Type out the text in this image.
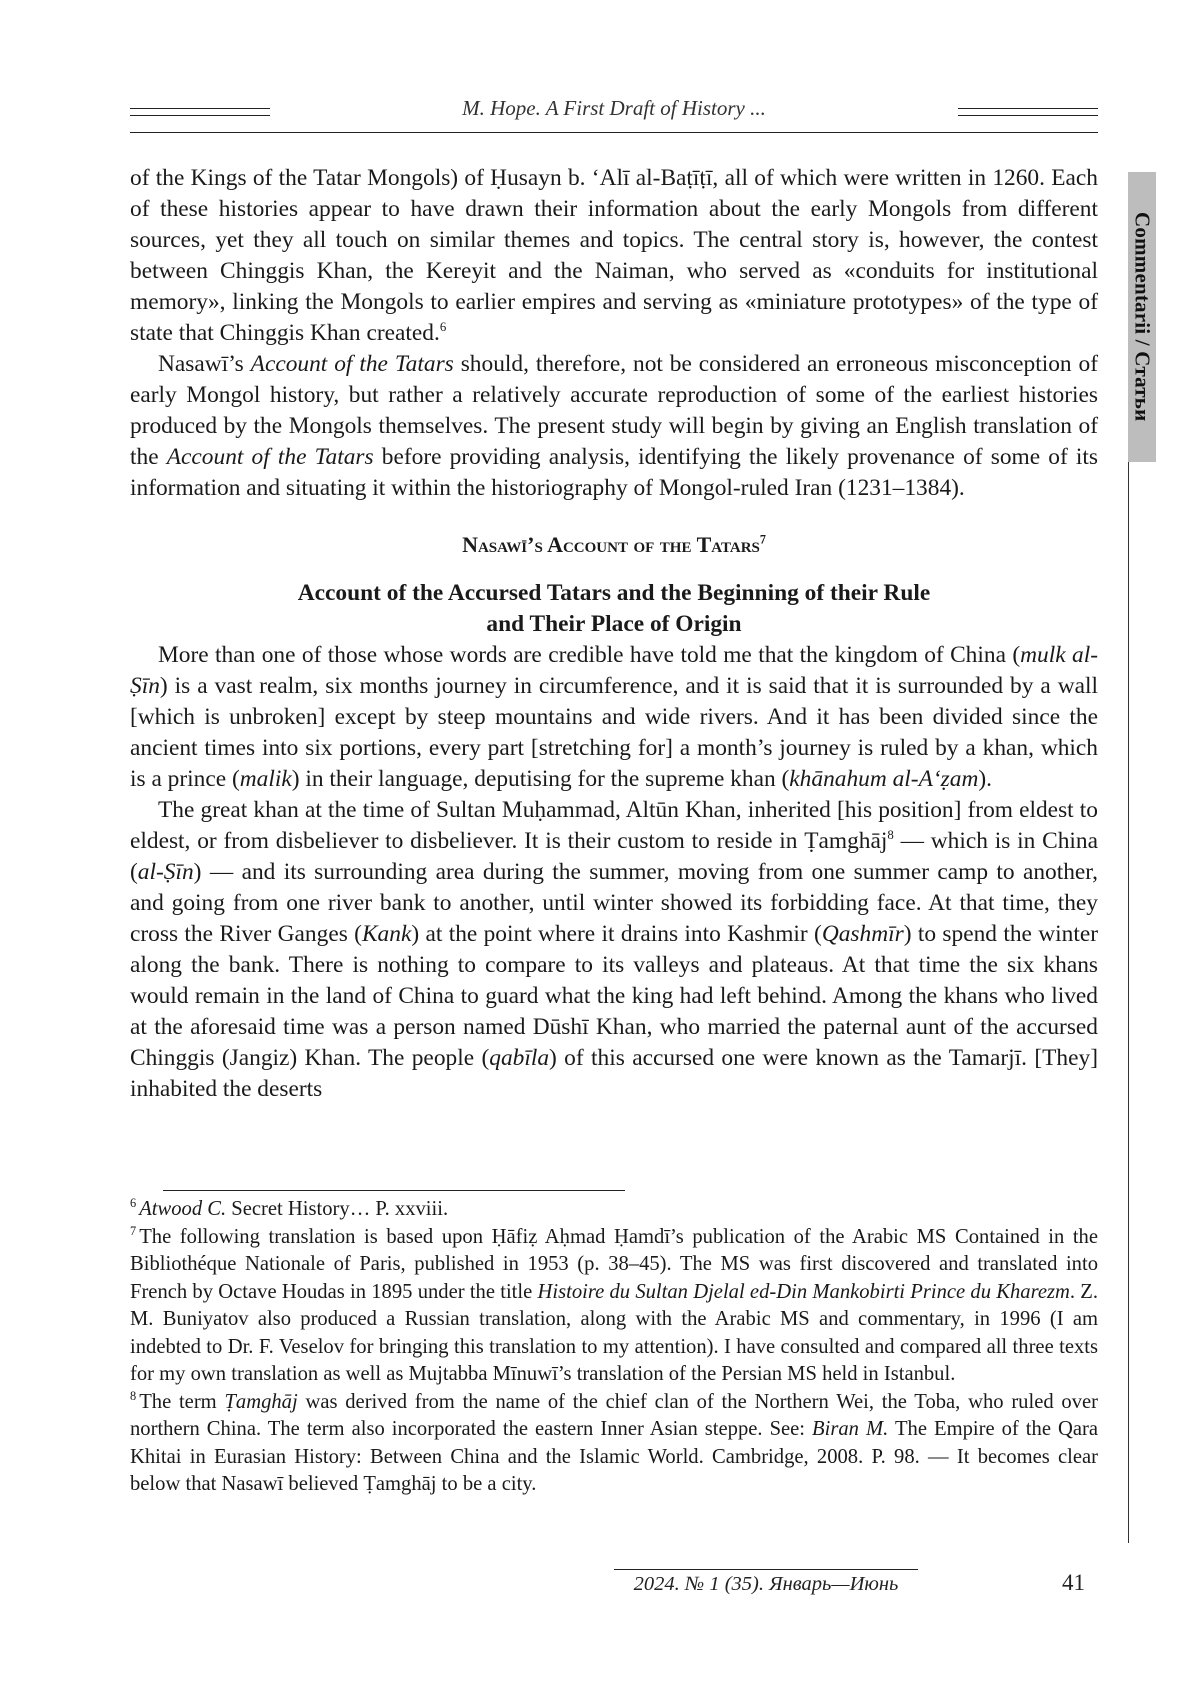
M. Hope. A First Draft of History ...
Commentarii / Статьи

of the Kings of the Tatar Mongols) of Ḥusayn b. ‘Alī al-Baṭīṭī, all of which were written in 1260. Each of these histories appear to have drawn their information about the early Mongols from different sources, yet they all touch on similar themes and topics. The central story is, however, the contest between Chinggis Khan, the Kereyit and the Naiman, who served as «conduits for institutional memory», linking the Mongols to earlier empires and serving as «miniature prototypes» of the type of state that Chinggis Khan created.$^6$

Nasawī’s Account of the Tatars should, therefore, not be considered an erroneous misconception of early Mongol history, but rather a relatively accurate reproduction of some of the earliest histories produced by the Mongols themselves. The present study will begin by giving an English translation of the Account of the Tatars before providing analysis, identifying the likely provenance of some of its information and situating it within the historiography of Mongol-ruled Iran (1231–1384).

Nasawī’s Account of the Tatars$^7$
Account of the Accursed Tatars and the Beginning of their Rule
and Their Place of Origin

More than one of those whose words are credible have told me that the kingdom of China (mulk al-Ṣīn) is a vast realm, six months journey in circumference, and it is said that it is surrounded by a wall [which is unbroken] except by steep mountains and wide rivers. And it has been divided since the ancient times into six portions, every part [stretching for] a month’s journey is ruled by a khan, which is a prince (malik) in their language, deputising for the supreme khan (khānahum al-A‘ẓam).

The great khan at the time of Sultan Muḥammad, Altūn Khan, inherited [his position] from eldest to eldest, or from disbeliever to disbeliever. It is their custom to reside in Ṭamghāj$^8$ — which is in China (al-Ṣīn) — and its surrounding area during the summer, moving from one summer camp to another, and going from one river bank to another, until winter showed its forbidding face. At that time, they cross the River Ganges (Kank) at the point where it drains into Kashmir (Qashmīr) to spend the winter along the bank. There is nothing to compare to its valleys and plateaus. At that time the six khans would remain in the land of China to guard what the king had left behind. Among the khans who lived at the aforesaid time was a person named Dūshī Khan, who married the paternal aunt of the accursed Chinggis (Jangiz) Khan. The people (qabīla) of this accursed one were known as the Tamarjī. [They] inhabited the deserts

$^6$ Atwood C. Secret History… P. xxviii.

$^7$ The following translation is based upon Ḥāfiẓ Aḥmad Ḥamdī’s publication of the Arabic MS Contained in the Bibliothéque Nationale of Paris, published in 1953 (p. 38–45). The MS was first discovered and translated into French by Octave Houdas in 1895 under the title Histoire du Sultan Djelal ed-Din Mankobirti Prince du Kharezm. Z. M. Buniyatov also produced a Russian translation, along with the Arabic MS and commentary, in 1996 (I am indebted to Dr. F. Veselov for bringing this translation to my attention). I have consulted and compared all three texts for my own translation as well as Mujtabba Mīnuwī’s translation of the Persian MS held in Istanbul.

$^8$ The term Ṭamghāj was derived from the name of the chief clan of the Northern Wei, the Toba, who ruled over northern China. The term also incorporated the eastern Inner Asian steppe. See: Biran M. The Empire of the Qara Khitai in Eurasian History: Between China and the Islamic World. Cambridge, 2008. P. 98. — It becomes clear below that Nasawī believed Ṭamghāj to be a city.

2024. № 1 (35). Январь—Июнь	41
